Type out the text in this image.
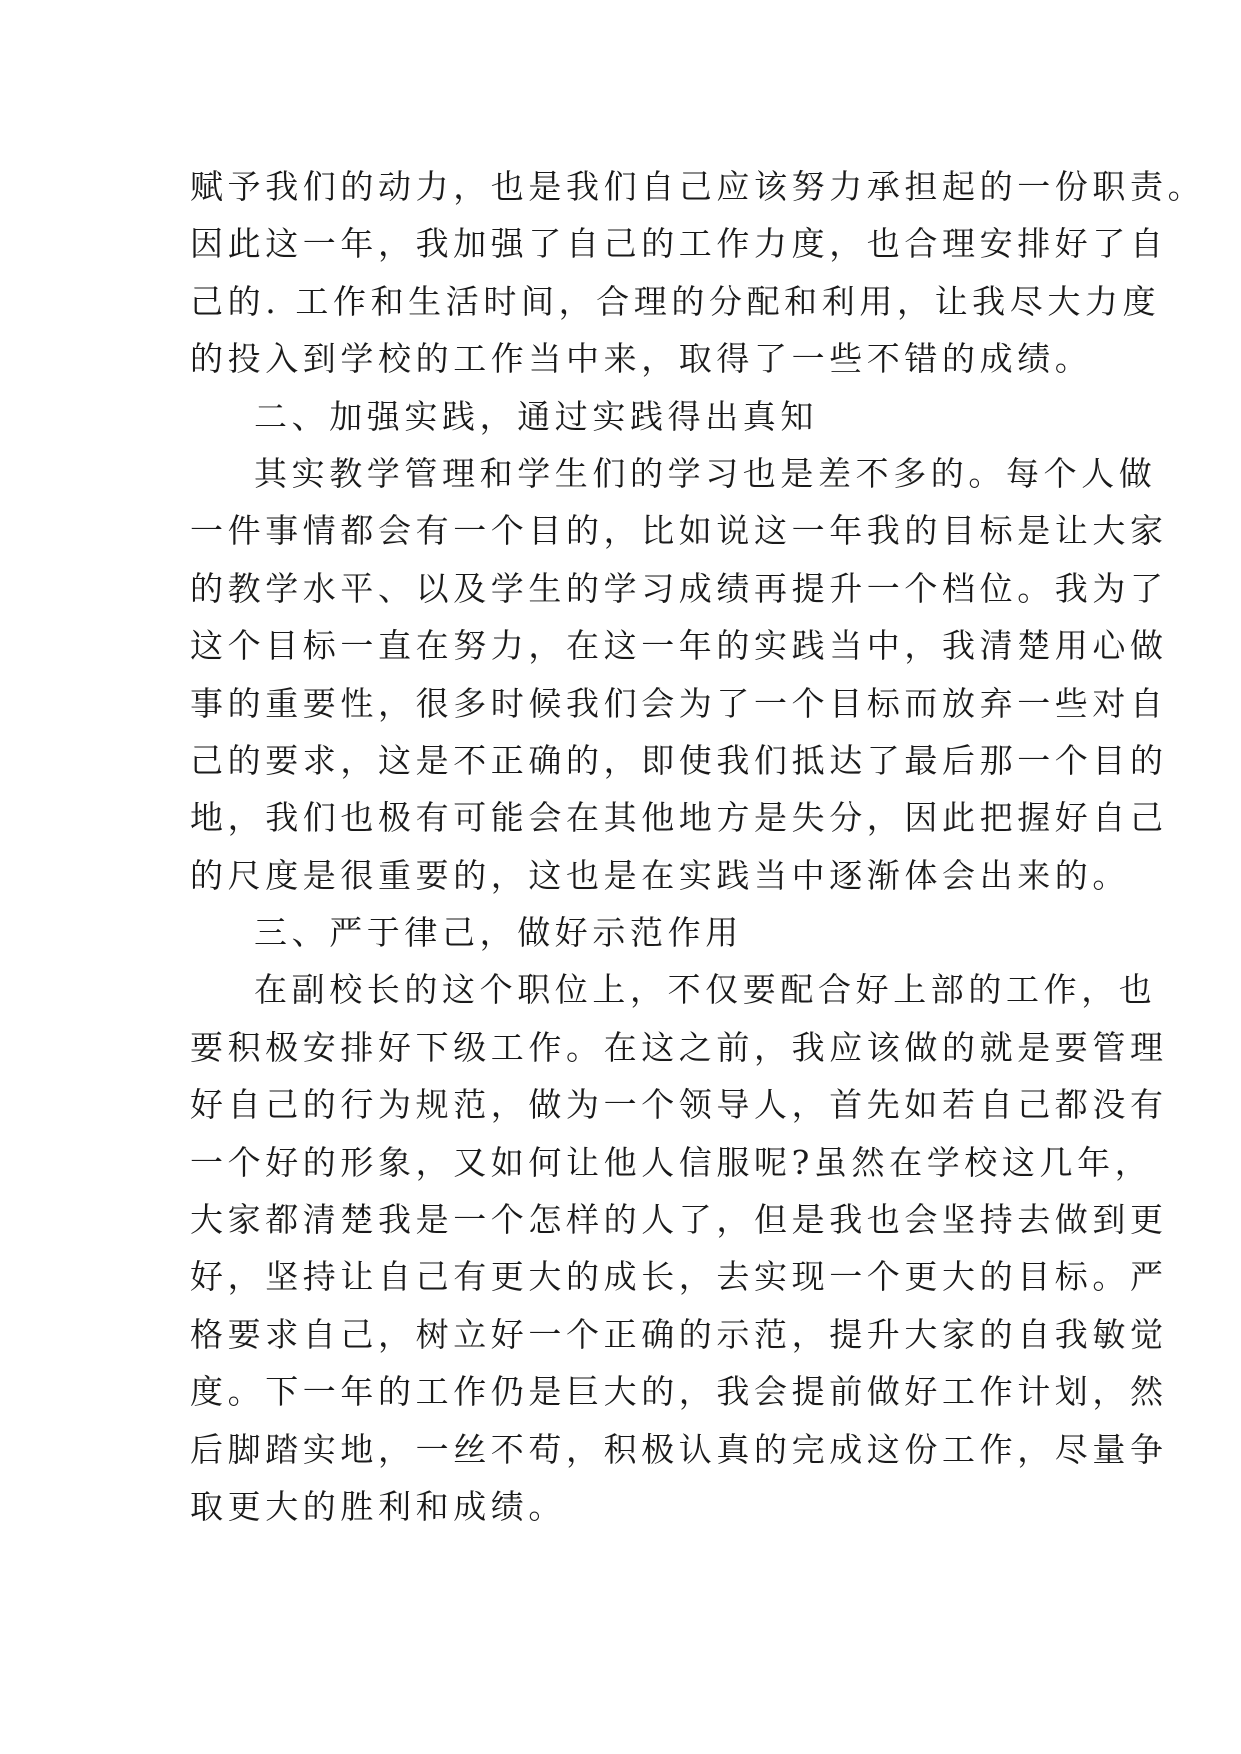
赋予我们的动力，也是我们自己应该努力承担起的一份职责。
因此这一年，我加强了自己的工作力度，也合理安排好了自
己的. 工作和生活时间，合理的分配和利用，让我尽大力度
的投入到学校的工作当中来，取得了一些不错的成绩。
二、加强实践，通过实践得出真知
其实教学管理和学生们的学习也是差不多的。每个人做
一件事情都会有一个目的，比如说这一年我的目标是让大家
的教学水平、以及学生的学习成绩再提升一个档位。我为了
这个目标一直在努力，在这一年的实践当中，我清楚用心做
事的重要性，很多时候我们会为了一个目标而放弃一些对自
己的要求，这是不正确的，即使我们抵达了最后那一个目的
地，我们也极有可能会在其他地方是失分，因此把握好自己
的尺度是很重要的，这也是在实践当中逐渐体会出来的。
三、严于律己，做好示范作用
在副校长的这个职位上，不仅要配合好上部的工作，也
要积极安排好下级工作。在这之前，我应该做的就是要管理
好自己的行为规范，做为一个领导人，首先如若自己都没有
一个好的形象，又如何让他人信服呢?虽然在学校这几年，
大家都清楚我是一个怎样的人了，但是我也会坚持去做到更
好，坚持让自己有更大的成长，去实现一个更大的目标。严
格要求自己，树立好一个正确的示范，提升大家的自我敏觉
度。下一年的工作仍是巨大的，我会提前做好工作计划，然
后脚踏实地，一丝不苟，积极认真的完成这份工作，尽量争
取更大的胜利和成绩。
